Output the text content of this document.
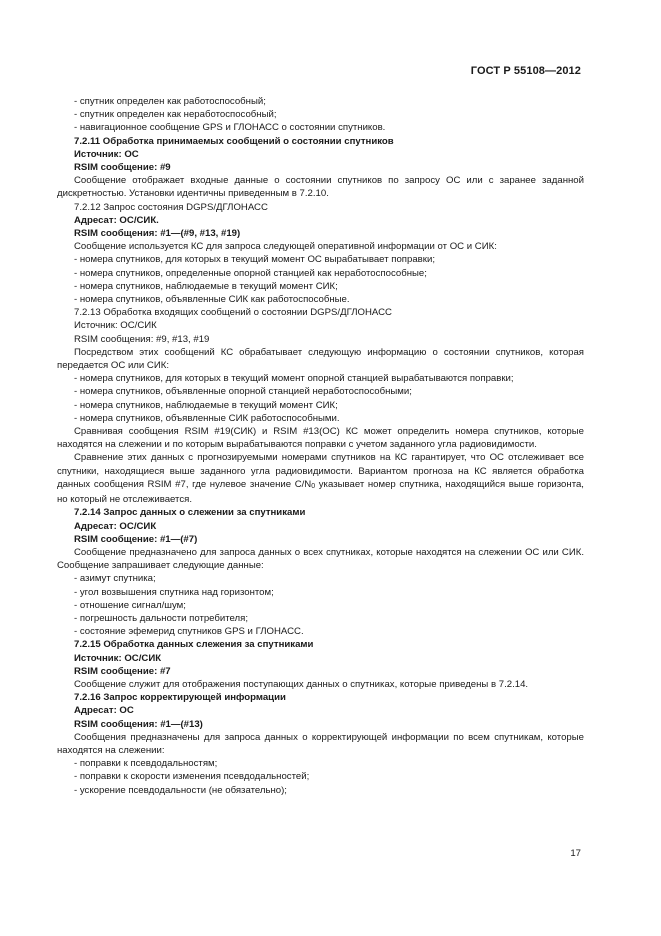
ГОСТ Р 55108—2012

- спутник определен как работоспособный;

- спутник определен как неработоспособный;

- навигационное сообщение GPS и ГЛОНАСС о состоянии спутников.

7.2.11 Обработка принимаемых сообщений о состоянии спутников

Источник: ОС

RSIM сообщение: #9

Сообщение отображает входные данные о состоянии спутников по запросу ОС или с заранее заданной дискретностью. Установки идентичны приведенным в 7.2.10.

7.2.12 Запрос состояния DGPS/ДГЛОНАСС

Адресат: ОС/СИК.

RSIM сообщения: #1—(#9, #13, #19)

Сообщение используется КС для запроса следующей оперативной информации от ОС и СИК:

- номера спутников, для которых в текущий момент ОС вырабатывает поправки;

- номера спутников, определенные опорной станцией как неработоспособные;

- номера спутников, наблюдаемые в текущий момент СИК;

- номера спутников, объявленные СИК как работоспособные.

7.2.13 Обработка входящих сообщений о состоянии DGPS/ДГЛОНАСС

Источник: ОС/СИК

RSIM сообщения: #9, #13, #19

Посредством этих сообщений КС обрабатывает следующую информацию о состоянии спутников, которая передается ОС или СИК:

- номера спутников, для которых в текущий момент опорной станцией вырабатываются поправки;

- номера спутников, объявленные опорной станцией неработоспособными;

- номера спутников, наблюдаемые в текущий момент СИК;

- номера спутников, объявленные СИК работоспособными.

Сравнивая сообщения RSIM #19(СИК) и RSIM #13(ОС) КС может определить номера спутников, которые находятся на слежении и по которым вырабатываются поправки с учетом заданного угла радиовидимости.

Сравнение этих данных с прогнозируемыми номерами спутников на КС гарантирует, что ОС отслеживает все спутники, находящиеся выше заданного угла радиовидимости. Вариантом прогноза на КС является обработка данных сообщения RSIM #7, где нулевое значение $C/N_0$ указывает номер спутника, находящийся выше горизонта, но который не отслеживается.

7.2.14 Запрос данных о слежении за спутниками

Адресат: ОС/СИК

RSIM сообщение: #1—(#7)

Сообщение предназначено для запроса данных о всех спутниках, которые находятся на слежении ОС или СИК. Сообщение запрашивает следующие данные:

- азимут спутника;

- угол возвышения спутника над горизонтом;

- отношение сигнал/шум;

- погрешность дальности потребителя;

- состояние эфемерид спутников GPS и ГЛОНАСС.

7.2.15 Обработка данных слежения за спутниками

Источник: ОС/СИК

RSIM сообщение: #7

Сообщение служит для отображения поступающих данных о спутниках, которые приведены в 7.2.14.

7.2.16 Запрос корректирующей информации

Адресат: ОС

RSIM сообщения: #1—(#13)

Сообщения предназначены для запроса данных о корректирующей информации по всем спутникам, которые находятся на слежении:

- поправки к псевдодальностям;

- поправки к скорости изменения псевдодальностей;

- ускорение псевдодальности (не обязательно);

17
